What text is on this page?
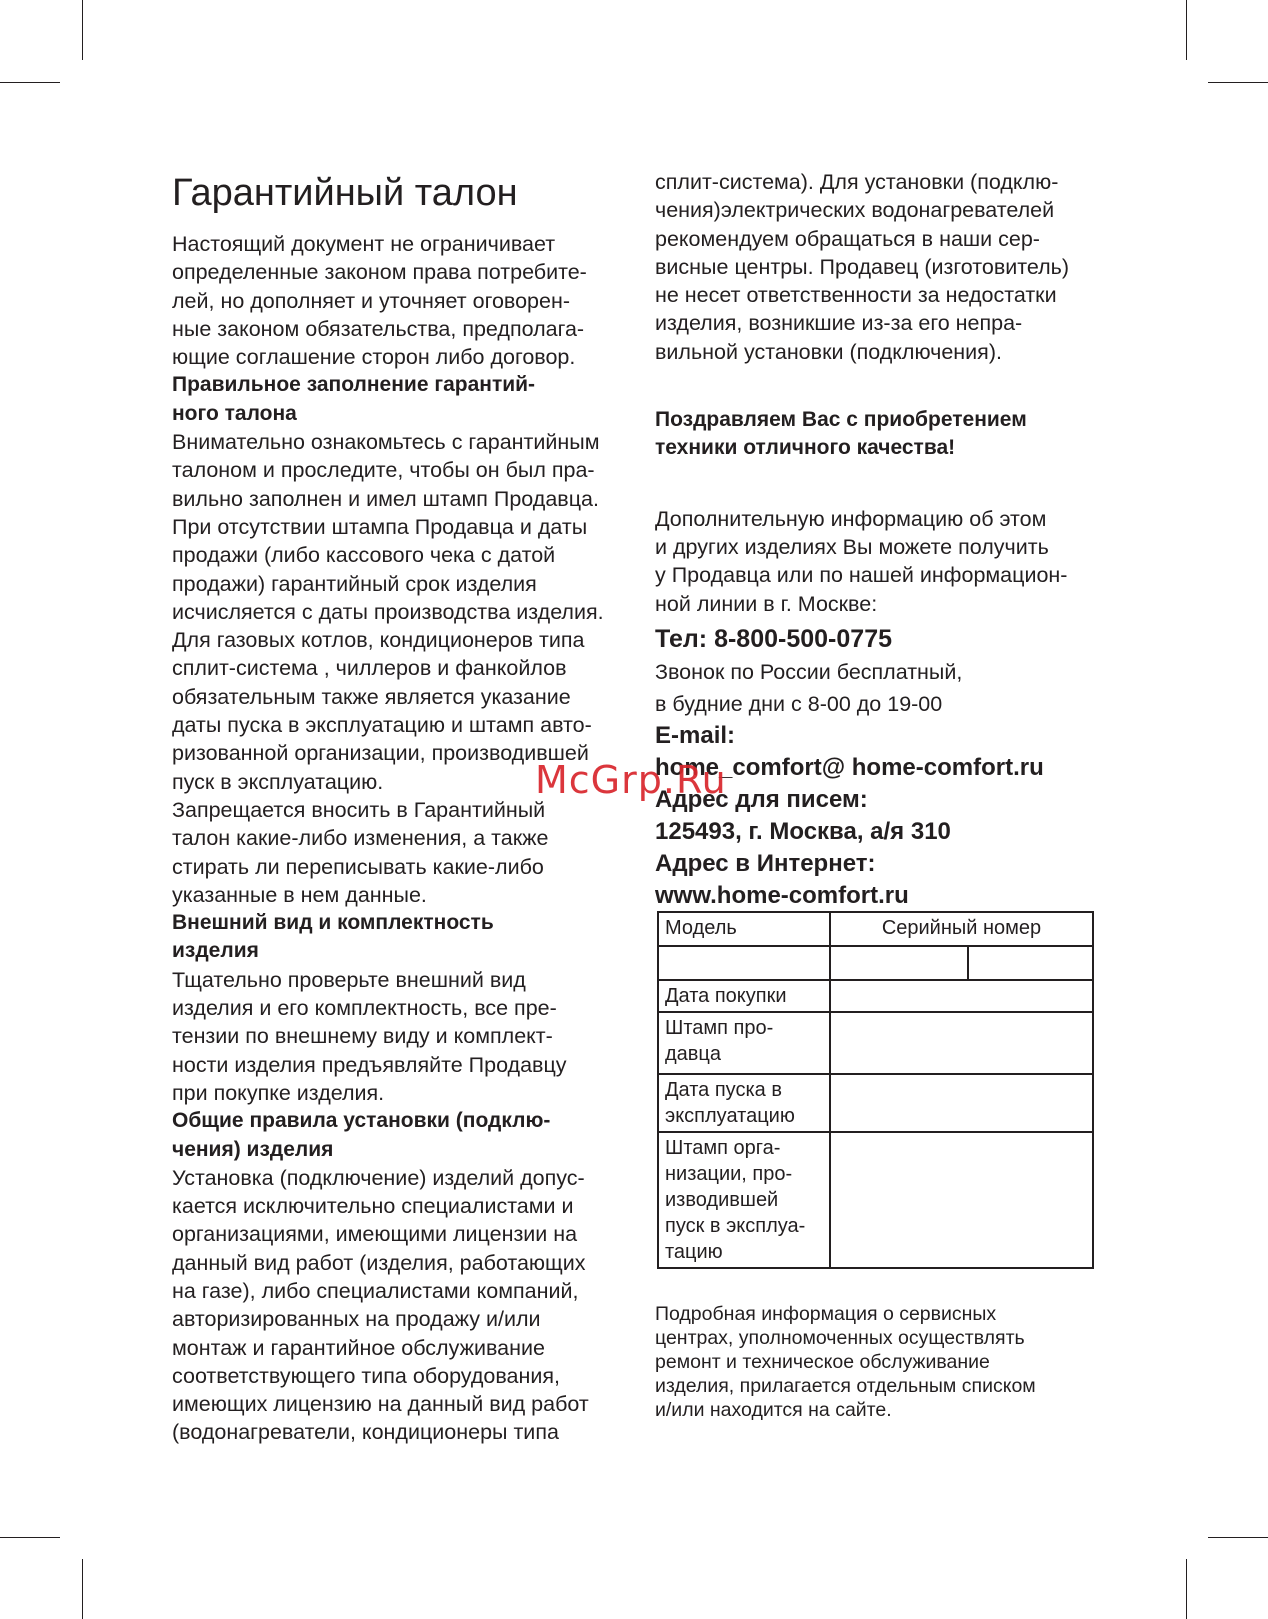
Гарантийный талон
Настоящий документ не ограничивает
определенные законом права потребите-
лей, но дополняет и уточняет оговорен-
ные законом обязательства, предполага-
ющие соглашение сторон либо договор.
Правильное заполнение гарантий-
ного талона
Внимательно ознакомьтесь с гарантийным
талоном и проследите, чтобы он был пра-
вильно заполнен и имел штамп Продавца.
При отсутствии штампа Продавца и даты
продажи (либо кассового чека с датой
продажи) гарантийный срок изделия
исчисляется с даты производства изделия.
Для газовых котлов, кондиционеров типа
сплит-система , чиллеров и фанкойлов
обязательным также является указание
даты пуска в эксплуатацию и штамп авто-
ризованной организации, производившей
пуск в эксплуатацию.
Запрещается вносить в Гарантийный
талон какие-либо изменения, а также
стирать ли переписывать какие-либо
указанные в нем данные.
Внешний вид и комплектность
изделия
Тщательно проверьте внешний вид
изделия и его комплектность, все пре-
тензии по внешнему виду и комплект-
ности изделия предъявляйте Продавцу
при покупке изделия.
Общие правила установки (подклю-
чения) изделия
Установка (подключение) изделий допус-
кается исключительно специалистами и
организациями, имеющими лицензии на
данный вид работ (изделия, работающих
на газе), либо специалистами компаний,
авторизированных на продажу и/или
монтаж и гарантийное обслуживание
соответствующего типа оборудования,
имеющих лицензию на данный вид работ
(водонагреватели, кондиционеры типа
сплит-система). Для установки (подклю-
чения)электрических водонагревателей
рекомендуем обращаться в наши сер-
висные центры. Продавец (изготовитель)
не несет ответственности за недостатки
изделия, возникшие из-за его непра-
вильной установки (подключения).
Поздравляем Вас с приобретением
техники отличного качества!
Дополнительную информацию об этом
и других изделиях Вы можете получить
у Продавца или по нашей информацион-
ной линии в г. Москве:
Тел: 8-800-500-0775
Звонок по России бесплатный,
в будние дни с 8-00 до 19-00
E-mail:
home_comfort@ home-comfort.ru
Адрес для писем:
125493, г. Москва, а/я 310
Адрес в Интернет:
www.home-comfort.ru
Модель	Серийный номер	

Дата покупки		

Штамп про-
давца		

Дата пуска в
эксплуатацию		

Штамп орга-
низации, про-
изводившей
пуск в эксплуа-
тацию		

Подробная информация о сервисных
центрах, уполномоченных осуществлять
ремонт и техническое обслуживание
изделия, прилагается отдельным списком
и/или находится на сайте.
McGrp.Ru
